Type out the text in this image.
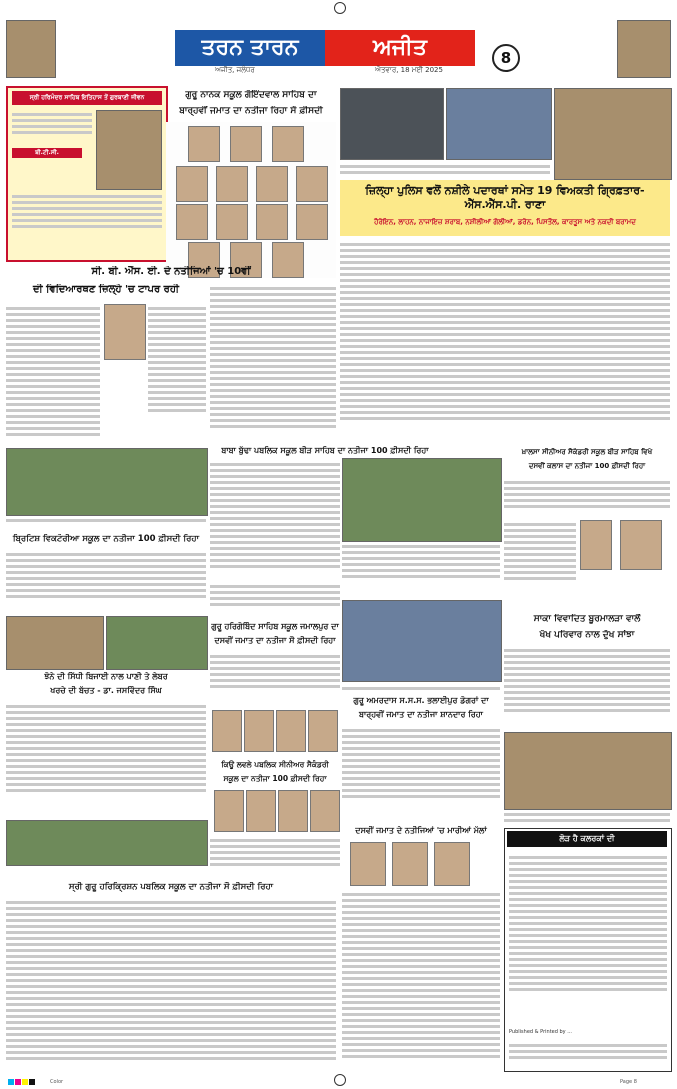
ਤਰਨ ਤਾਰਨ	ਅਜੀਤ
ਅਜੀਤ, ਜਲੰਧਰ	ਐਤਵਾਰ, 18 ਮਈ 2025
8
ਸ੍ਰੀ ਹਰਿਮੰਦਰ ਸਾਹਿਬ ਇਤਿਹਾਸ ਤੋਂ ਗੁਰਬਾਣੀ ਜੀਵਨ
ਬੀ.ਟੀ.ਸੀ.
ਗੁਰੂ ਨਾਨਕ ਸਕੂਲ ਗੋਇੰਦਵਾਲ ਸਾਹਿਬ ਦਾ
ਬਾਰ੍ਹਵੀਂ ਜਮਾਤ ਦਾ ਨਤੀਜਾ ਰਿਹਾ ਸੌ ਫ਼ੀਸਦੀ
ਜ਼ਿਲ੍ਹਾ ਪੁਲਿਸ ਵਲੋਂ ਨਸ਼ੀਲੇ ਪਦਾਰਥਾਂ ਸਮੇਤ 19 ਵਿਅਕਤੀ ਗ੍ਰਿਫ਼ਤਾਰ-ਐੱਸ.ਐੱਸ.ਪੀ. ਰਾਣਾ
ਹੈਰੋਇਨ, ਲਾਹਨ, ਨਾਜਾਇਜ਼ ਸ਼ਰਾਬ, ਨਸ਼ੀਲੀਆਂ ਗੋਲੀਆਂ, ਡਰੋਨ, ਪਿਸਤੌਲ, ਕਾਰਤੂਸ ਅਤੇ ਨਕਦੀ ਬਰਾਮਦ
ਸੀ. ਬੀ. ਐੱਸ. ਈ. ਦੇ ਨਤੀਜਿਆਂ 'ਚ 10ਵੀਂ
ਦੀ ਵਿਦਿਆਰਥਣ ਜ਼ਿਲ੍ਹੇ 'ਚ ਟਾਪਰ ਰਹੀ
ਬਾਬਾ ਬੁੱਢਾ ਪਬਲਿਕ ਸਕੂਲ ਬੀੜ ਸਾਹਿਬ ਦਾ ਨਤੀਜਾ 100 ਫ਼ੀਸਦੀ ਰਿਹਾ	ਖ਼ਾਲਸਾ ਸੀਨੀਅਰ ਸੈਕੰਡਰੀ ਸਕੂਲ ਬੀੜ ਸਾਹਿਬ ਵਿਖੇ
ਦਸਵੀਂ ਕਲਾਸ ਦਾ ਨਤੀਜਾ 100 ਫ਼ੀਸਦੀ ਰਿਹਾ
ਬ੍ਰਿਟਿਸ਼ ਵਿਕਟੋਰੀਆ ਸਕੂਲ ਦਾ ਨਤੀਜਾ 100 ਫ਼ੀਸਦੀ ਰਿਹਾ
ਗੁਰੂ ਹਰਿਗੋਬਿੰਦ ਸਾਹਿਬ ਸਕੂਲ ਜਮਾਲਪੁਰ ਦਾ
ਦਸਵੀਂ ਜਮਾਤ ਦਾ ਨਤੀਜਾ ਸੌ ਫ਼ੀਸਦੀ ਰਿਹਾ
ਸਾਕਾ ਵਿਵਾਦਿਤ ਬੂਰਮਾਲੜਾ ਵਾਲੋਂ
ਖੱਖ ਪਰਿਵਾਰ ਨਾਲ ਦੁੱਖ ਸਾਂਝਾ
ਝੋਨੇ ਦੀ ਸਿੱਧੀ ਬਿਜਾਈ ਨਾਲ ਪਾਣੀ ਤੇ ਲੇਬਰ
ਖਰਚੇ ਦੀ ਬੱਚਤ - ਡਾ. ਜਸਵਿੰਦਰ ਸਿੰਘ
ਗੁਰੂ ਅਮਰਦਾਸ ਸ.ਸ.ਸ. ਭਲਾਈਪੁਰ ਡੋਗਰਾਂ ਦਾ
ਬਾਰ੍ਹਵੀਂ ਜਮਾਤ ਦਾ ਨਤੀਜਾ ਸ਼ਾਨਦਾਰ ਰਿਹਾ
ਕਿਊ ਲਵਲੇ ਪਬਲਿਕ ਸੀਨੀਅਰ ਸੈਕੰਡਰੀ
ਸਕੂਲ ਦਾ ਨਤੀਜਾ 100 ਫ਼ੀਸਦੀ ਰਿਹਾ
ਦਸਵੀਂ ਜਮਾਤ ਦੇ ਨਤੀਜਿਆਂ 'ਚ ਮਾਰੀਆਂ ਮੱਲਾਂ
ਸ੍ਰੀ ਗੁਰੂ ਹਰਿਕ੍ਰਿਸ਼ਨ ਪਬਲਿਕ ਸਕੂਲ ਦਾ ਨਤੀਜਾ ਸੌ ਫ਼ੀਸਦੀ ਰਿਹਾ
ਲੋੜ ਹੈ ਕਲਰਕਾਂ ਦੀ
Published & Printed by ...
Color	Page 8
